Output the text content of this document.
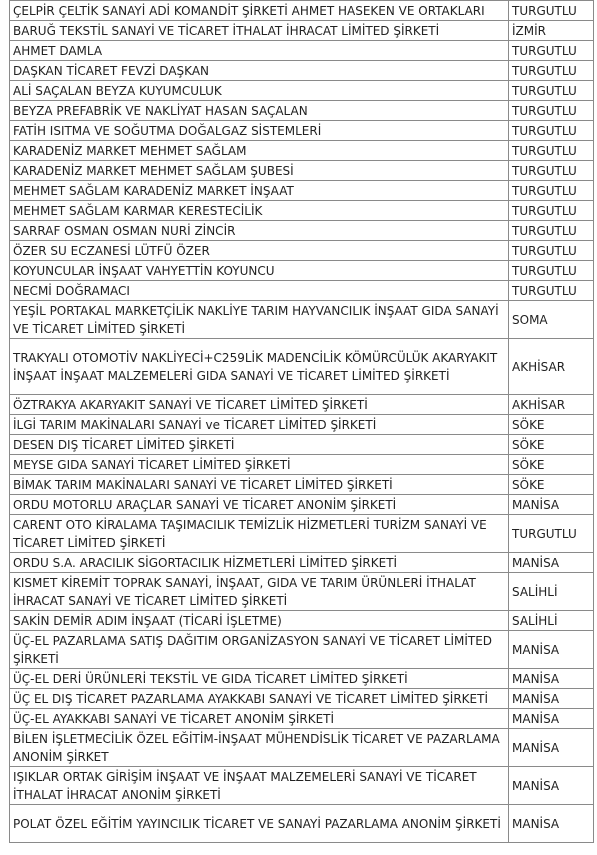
ÇELPİR ÇELTİK SANAYİ ADİ KOMANDİT ŞİRKETİ AHMET HASEKEN VE ORTAKLARI	TURGUTLU
BARUĞ TEKSTİL SANAYİ VE TİCARET İTHALAT İHRACAT LİMİTED ŞİRKETİ	İZMİR
AHMET DAMLA	TURGUTLU
DAŞKAN TİCARET FEVZİ DAŞKAN	TURGUTLU
ALİ SAÇALAN BEYZA KUYUMCULUK	TURGUTLU
BEYZA PREFABRİK VE NAKLİYAT HASAN SAÇALAN	TURGUTLU
FATİH ISITMA VE SOĞUTMA DOĞALGAZ SİSTEMLERİ	TURGUTLU
KARADENİZ MARKET MEHMET SAĞLAM	TURGUTLU
KARADENİZ MARKET MEHMET SAĞLAM ŞUBESİ	TURGUTLU
MEHMET SAĞLAM KARADENİZ MARKET İNŞAAT	TURGUTLU
MEHMET SAĞLAM KARMAR KERESTECİLİK	TURGUTLU
SARRAF OSMAN OSMAN NURİ ZİNCİR	TURGUTLU
ÖZER SU ECZANESİ LÜTFÜ ÖZER	TURGUTLU
KOYUNCULAR İNŞAAT VAHYETTİN KOYUNCU	TURGUTLU
NECMİ DOĞRAMACI	TURGUTLU
YEŞİL PORTAKAL MARKETÇİLİK NAKLİYE TARIM HAYVANCILIK İNŞAAT GIDA SANAYİ VE TİCARET LİMİTED ŞİRKETİ	SOMA
TRAKYALI OTOMOTİV NAKLİYECİ+C259LİK MADENCİLİK KÖMÜRCÜLÜK AKARYAKIT İNŞAAT İNŞAAT MALZEMELERİ GIDA SANAYİ VE TİCARET LİMİTED ŞİRKETİ	AKHİSAR
ÖZTRAKYA AKARYAKIT SANAYİ VE TİCARET LİMİTED ŞİRKETİ	AKHİSAR
İLGİ TARIM MAKİNALARI SANAYİ ve TİCARET LİMİTED ŞİRKETİ	SÖKE
DESEN DIŞ TİCARET LİMİTED ŞİRKETİ	SÖKE
MEYSE GIDA SANAYİ TİCARET LİMİTED ŞİRKETİ	SÖKE
BİMAK TARIM MAKİNALARI SANAYİ VE TİCARET LİMİTED ŞİRKETİ	SÖKE
ORDU MOTORLU ARAÇLAR SANAYİ VE TİCARET ANONİM ŞİRKETİ	MANİSA
CARENT OTO KİRALAMA TAŞIMACILIK TEMİZLİK HİZMETLERİ TURİZM SANAYİ VE TİCARET LİMİTED ŞİRKETİ	TURGUTLU
ORDU S.A. ARACILIK SİGORTACILIK HİZMETLERİ LİMİTED ŞİRKETİ	MANİSA
KISMET KİREMİT TOPRAK SANAYİ, İNŞAAT, GIDA VE TARIM ÜRÜNLERİ İTHALAT İHRACAT SANAYİ VE TİCARET LİMİTED ŞİRKETİ	SALİHLİ
SAKİN DEMİR ADIM İNŞAAT (TİCARİ İŞLETME)	SALİHLİ
ÜÇ-EL PAZARLAMA SATIŞ DAĞITIM ORGANİZASYON SANAYİ VE TİCARET LİMİTED ŞİRKETİ	MANİSA
ÜÇ-EL DERİ ÜRÜNLERİ TEKSTİL VE GIDA TİCARET LİMİTED ŞİRKETİ	MANİSA
ÜÇ EL DIŞ TİCARET PAZARLAMA AYAKKABI SANAYİ VE TİCARET LİMİTED ŞİRKETİ	MANİSA
ÜÇ-EL AYAKKABI SANAYİ VE TİCARET ANONİM ŞİRKETİ	MANİSA
BİLEN İŞLETMECİLİK ÖZEL EĞİTİM-İNŞAAT MÜHENDİSLİK TİCARET VE PAZARLAMA ANONİM ŞİRKET	MANİSA
IŞIKLAR ORTAK GİRİŞİM İNŞAAT VE İNŞAAT MALZEMELERİ SANAYİ VE TİCARET İTHALAT İHRACAT ANONİM ŞİRKETİ	MANİSA
POLAT ÖZEL EĞİTİM YAYINCILIK TİCARET VE SANAYİ PAZARLAMA ANONİM ŞİRKETİ	MANİSA
